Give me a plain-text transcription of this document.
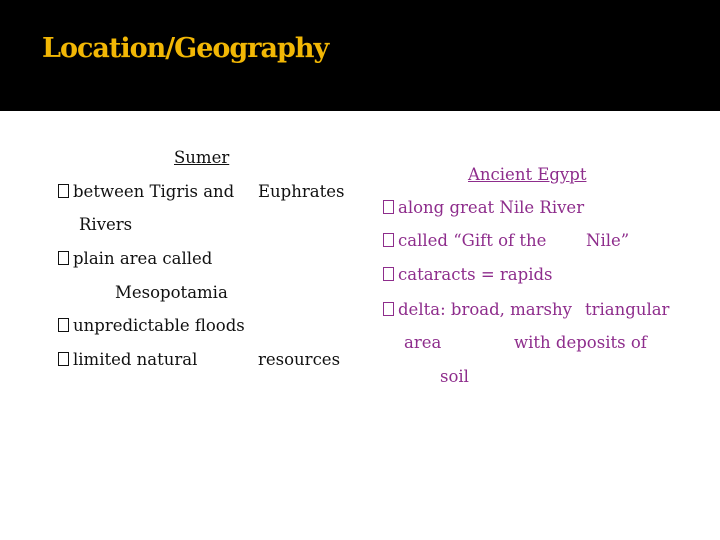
Location/Geography
Sumer
between Tigris and Euphrates
Rivers
plain area called
Mesopotamia
unpredictable floods
limited natural	resources
Ancient Egypt
along great Nile River
called “Gift of the Nile”
cataracts = rapids
delta: broad, marshy triangular
area	with deposits of
soil
